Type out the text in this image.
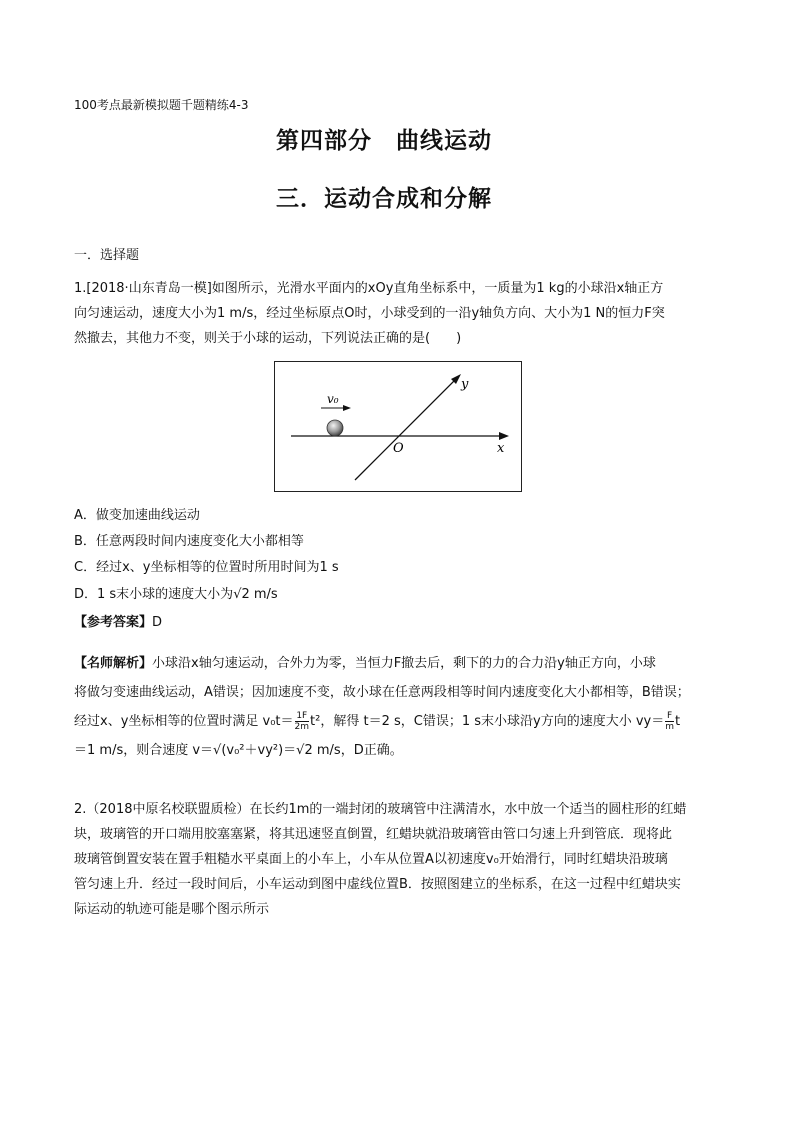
100考点最新模拟题千题精练4-3
第四部分　曲线运动
三．运动合成和分解
一．选择题
1.[2018·山东青岛一模]如图所示，光滑水平面内的xOy直角坐标系中，一质量为1 kg的小球沿x轴正方
向匀速运动，速度大小为1 m/s，经过坐标原点O时，小球受到的一沿y轴负方向、大小为1 N的恒力F突
然撤去，其他力不变，则关于小球的运动，下列说法正确的是(　　)
v₀
y
x
O
A．做变加速曲线运动
B．任意两段时间内速度变化大小都相等
C．经过x、y坐标相等的位置时所用时间为1 s
D．1 s末小球的速度大小为√2 m/s
【参考答案】D
【名师解析】小球沿x轴匀速运动，合外力为零，当恒力F撤去后，剩下的力的合力沿y轴正方向，小球
将做匀变速曲线运动，A错误；因加速度不变，故小球在任意两段相等时间内速度变化大小都相等，B错误；
经过x、y坐标相等的位置时满足 $v_0t= \frac{1F}{2m} t^2$，解得 t＝2 s，C错误；1 s末小球沿y方向的速度大小 $vy= \frac{F}{m}$ t
＝1 m/s，则合速度 v＝√(v₀²＋vy²)＝√2 m/s，D正确。
2.（2018中原名校联盟质检）在长约1m的一端封闭的玻璃管中注满清水，水中放一个适当的圆柱形的红蜡
块，玻璃管的开口端用胶塞塞紧，将其迅速竖直倒置，红蜡块就沿玻璃管由管口匀速上升到管底．现将此
玻璃管倒置安装在置手粗糙水平桌面上的小车上，小车从位置A以初速度v₀开始滑行，同时红蜡块沿玻璃
管匀速上升．经过一段时间后，小车运动到图中虚线位置B．按照图建立的坐标系，在这一过程中红蜡块实
际运动的轨迹可能是哪个图示所示
